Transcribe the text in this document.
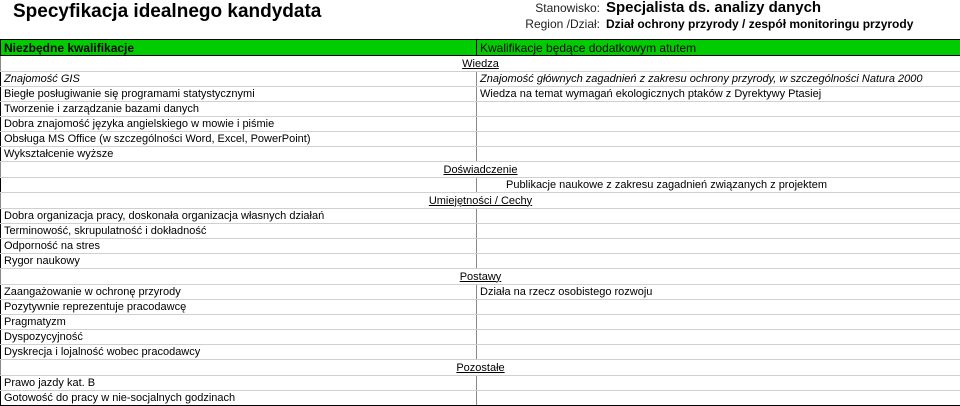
Specyfikacja idealnego kandydata	Stanowisko: Specjalista ds. analizy danych
Region /Dział: Dział ochrony przyrody / zespół monitoringu przyrody
Niezbędne kwalifikacje	Kwalifikacje będące dodatkowym atutem
Wiedza	
Znajomość GIS	Znajomość głównych zagadnień z zakresu ochrony przyrody, w szczególności Natura 2000
Biegłe posługiwanie się programami statystycznymi	Wiedza na temat wymagań ekologicznych ptaków z Dyrektywy Ptasiej
Tworzenie i zarządzanie bazami danych	
Dobra znajomość języka angielskiego w mowie i piśmie	
Obsługa MS Office (w szczególności Word, Excel, PowerPoint)	
Wykształcenie wyższe	
Doświadczenie	
	Publikacje naukowe z zakresu zagadnień związanych z projektem
Umiejętności / Cechy	
Dobra organizacja pracy, doskonała organizacja własnych działań	
Terminowość, skrupulatność i dokładność	
Odporność na stres	
Rygor naukowy	
Postawy	
Zaangażowanie w ochronę przyrody	Działa na rzecz osobistego rozwoju
Pozytywnie reprezentuje pracodawcę	
Pragmatyzm	
Dyspozycyjność	
Dyskrecja i lojalność wobec pracodawcy	
Pozostałe	
Prawo jazdy kat. B	
Gotowość do pracy w nie-socjalnych godzinach	
